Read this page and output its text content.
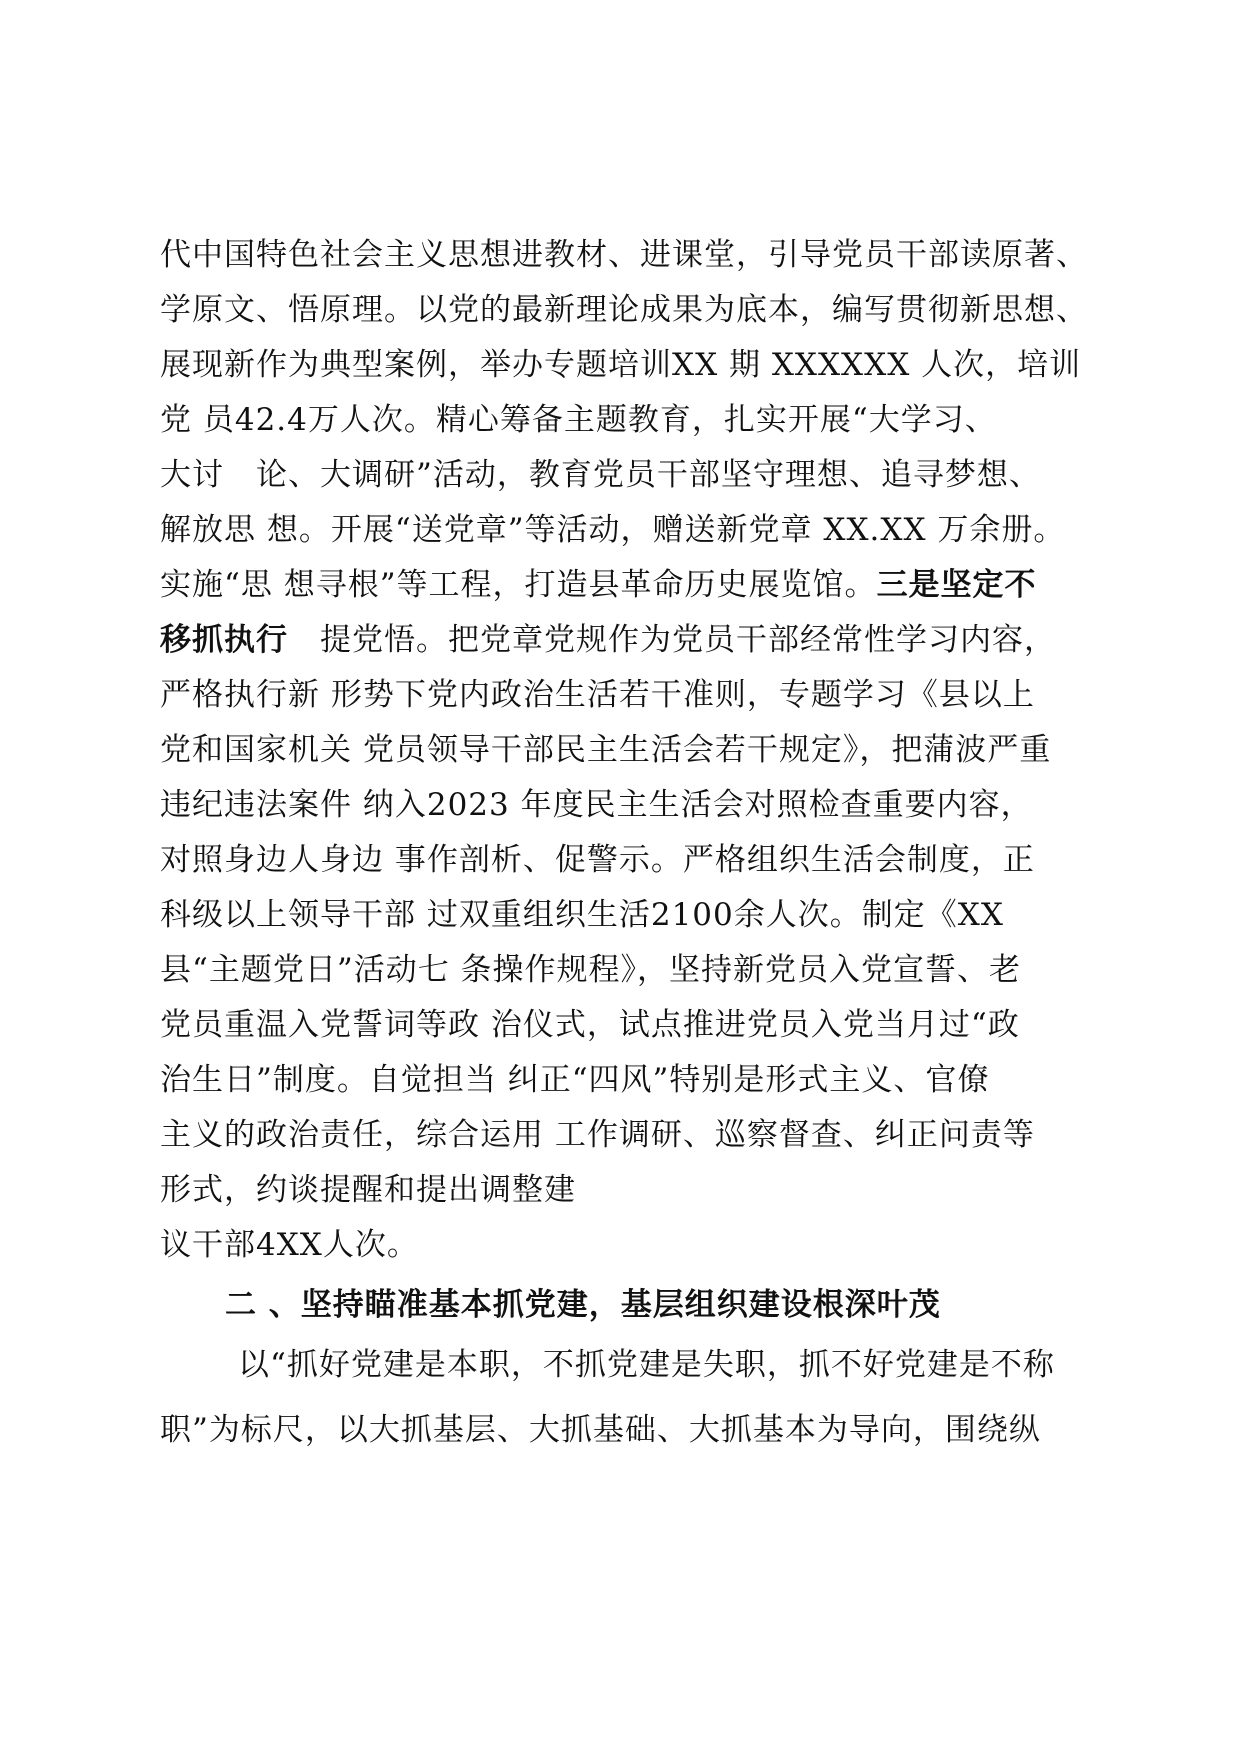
代中国特色社会主义思想进教材、进课堂，引导党员干部读原著、
学原文、悟原理。以党的最新理论成果为底本，编写贯彻新思想、
展现新作为典型案例，举办专题培训XX 期 XXXXXX 人次，培训
党 员42.4万人次。精心筹备主题教育，扎实开展“大学习、
大讨　论、大调研”活动，教育党员干部坚守理想、追寻梦想、
解放思 想。开展“送党章”等活动，赠送新党章 XX.XX 万余册。
实施“思 想寻根”等工程，打造县革命历史展览馆。三是坚定不
移抓执行　提党悟。把党章党规作为党员干部经常性学习内容，
严格执行新 形势下党内政治生活若干准则，专题学习《县以上
党和国家机关 党员领导干部民主生活会若干规定》，把蒲波严重
违纪违法案件 纳入2023 年度民主生活会对照检查重要内容，
对照身边人身边 事作剖析、促警示。严格组织生活会制度，正
科级以上领导干部 过双重组织生活2100余人次。制定《XX
县“主题党日”活动七 条操作规程》，坚持新党员入党宣誓、老
党员重温入党誓词等政 治仪式，试点推进党员入党当月过“政
治生日”制度。自觉担当 纠正“四风”特别是形式主义、官僚
主义的政治责任，综合运用 工作调研、巡察督查、纠正问责等
形式，约谈提醒和提出调整建
议干部4XX人次。
二 、坚持瞄准基本抓党建，基层组织建设根深叶茂
以“抓好党建是本职，不抓党建是失职，抓不好党建是不称
职”为标尺，以大抓基层、大抓基础、大抓基本为导向，围绕纵
